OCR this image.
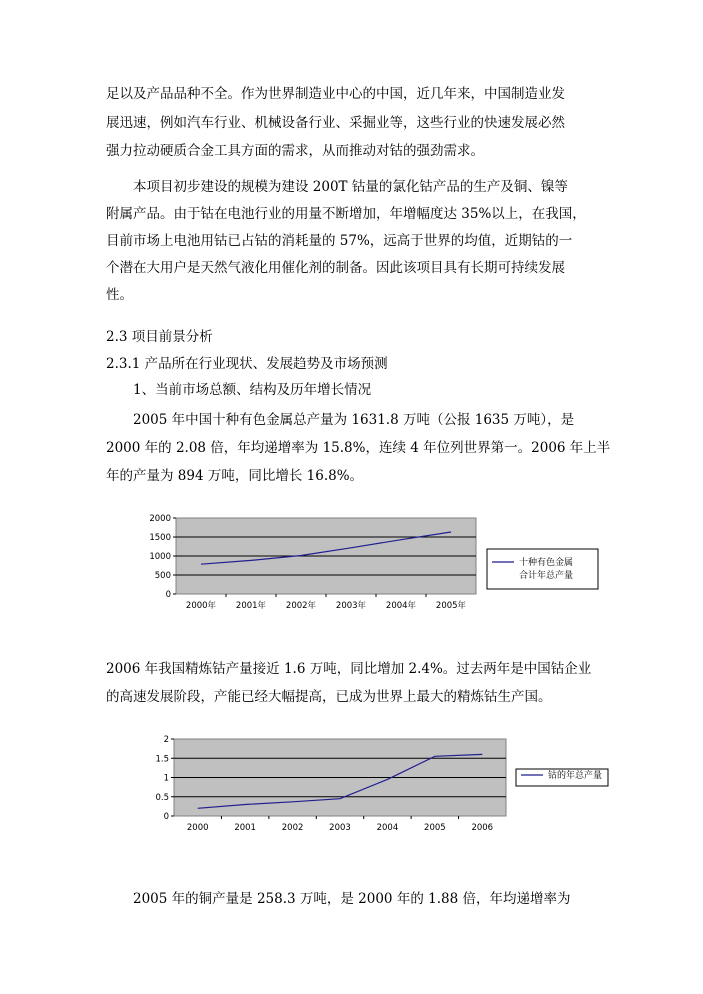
足以及产品品种不全。作为世界制造业中心的中国，近几年来，中国制造业发
展迅速，例如汽车行业、机械设备行业、采掘业等，这些行业的快速发展必然
强力拉动硬质合金工具方面的需求，从而推动对钴的强劲需求。
本项目初步建设的规模为建设 200T 钴量的氯化钴产品的生产及铜、镍等
附属产品。由于钴在电池行业的用量不断增加，年增幅度达 35%以上，在我国，
目前市场上电池用钴已占钴的消耗量的 57%，远高于世界的均值，近期钴的一
个潜在大用户是天然气液化用催化剂的制备。因此该项目具有长期可持续发展
性。
2.3 项目前景分析
2.3.1 产品所在行业现状、发展趋势及市场预测
1、当前市场总额、结构及历年增长情况
2005 年中国十种有色金属总产量为 1631.8 万吨（公报 1635 万吨），是
2000 年的 2.08 倍，年均递增率为 15.8%，连续 4 年位列世界第一。2006 年上半
年的产量为 894 万吨，同比增长 16.8%。
2006 年我国精炼钴产量接近 1.6 万吨，同比增加 2.4%。过去两年是中国钴企业
的高速发展阶段，产能已经大幅提高，已成为世界上最大的精炼钴生产国。
2005 年的铜产量是 258.3 万吨，是 2000 年的 1.88 倍，年均递增率为
0
500
1000
1500
2000
2000年 2001年 2002年 2003年 2004年 2005年
十种有色金属
合计年总产量
0
0.5
1
1.5
2
2000	2001	2002	2003	2004	2005	2006
钴的年总产量
